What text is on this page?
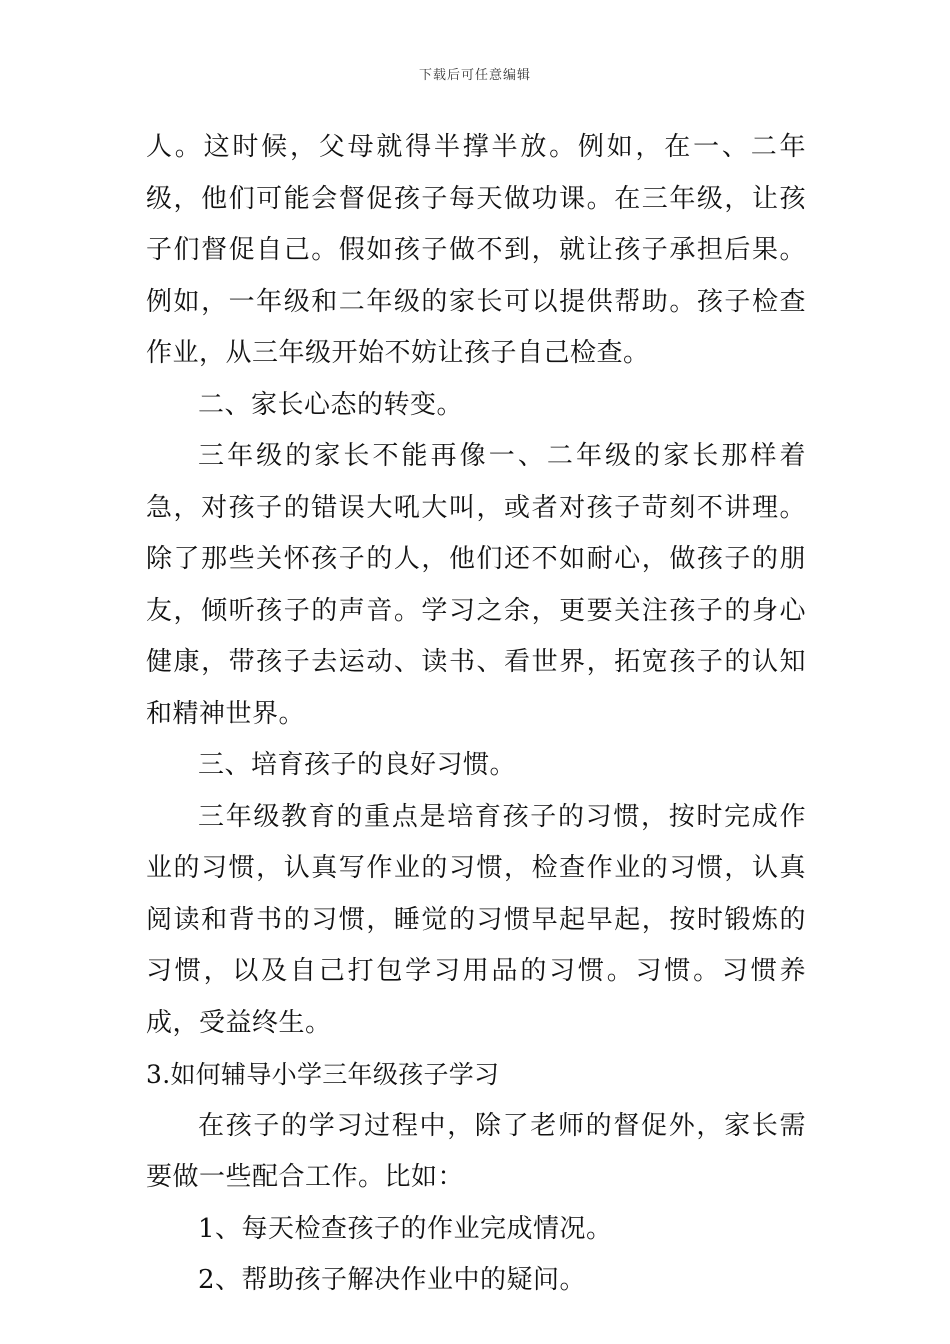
下载后可任意编辑

人。这时候，父母就得半撑半放。例如，在一、二年级，他们可能会督促孩子每天做功课。在三年级，让孩子们督促自己。假如孩子做不到，就让孩子承担后果。例如，一年级和二年级的家长可以提供帮助。孩子检查作业，从三年级开始不妨让孩子自己检查。

二、家长心态的转变。

三年级的家长不能再像一、二年级的家长那样着急，对孩子的错误大吼大叫，或者对孩子苛刻不讲理。除了那些关怀孩子的人，他们还不如耐心，做孩子的朋友，倾听孩子的声音。学习之余，更要关注孩子的身心健康，带孩子去运动、读书、看世界，拓宽孩子的认知和精神世界。

三、培育孩子的良好习惯。

三年级教育的重点是培育孩子的习惯，按时完成作业的习惯，认真写作业的习惯，检查作业的习惯，认真阅读和背书的习惯，睡觉的习惯早起早起，按时锻炼的习惯，以及自己打包学习用品的习惯。习惯。习惯养成，受益终生。

3.如何辅导小学三年级孩子学习

在孩子的学习过程中，除了老师的督促外，家长需要做一些配合工作。比如：

1、每天检查孩子的作业完成情况。

2、帮助孩子解决作业中的疑问。
